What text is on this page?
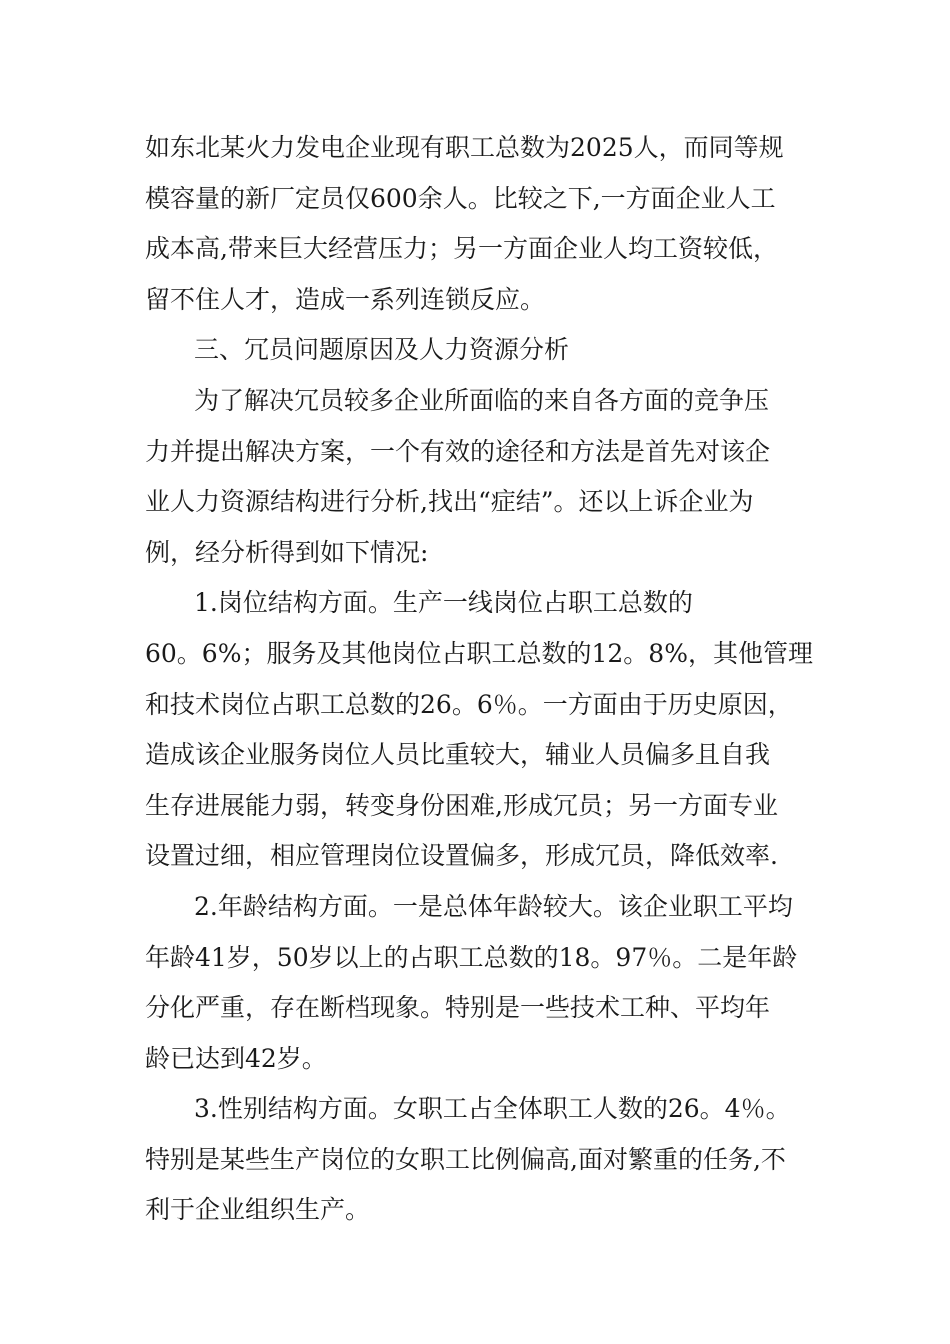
如东北某火力发电企业现有职工总数为2025人，而同等规
模容量的新厂定员仅600余人。比较之下,一方面企业人工
成本高,带来巨大经营压力；另一方面企业人均工资较低，
留不住人才，造成一系列连锁反应。
三、冗员问题原因及人力资源分析
为了解决冗员较多企业所面临的来自各方面的竞争压
力并提出解决方案，一个有效的途径和方法是首先对该企
业人力资源结构进行分析,找出“症结”。还以上诉企业为
例，经分析得到如下情况:
1.岗位结构方面。生产一线岗位占职工总数的
60。6%；服务及其他岗位占职工总数的12。8%，其他管理
和技术岗位占职工总数的26。6％。一方面由于历史原因，
造成该企业服务岗位人员比重较大，辅业人员偏多且自我
生存进展能力弱，转变身份困难,形成冗员；另一方面专业
设置过细，相应管理岗位设置偏多，形成冗员，降低效率.
2.年龄结构方面。一是总体年龄较大。该企业职工平均
年龄41岁，50岁以上的占职工总数的18。97％。二是年龄
分化严重，存在断档现象。特别是一些技术工种、平均年
龄已达到42岁。
3.性别结构方面。女职工占全体职工人数的26。4％。
特别是某些生产岗位的女职工比例偏高,面对繁重的任务,不
利于企业组织生产。
